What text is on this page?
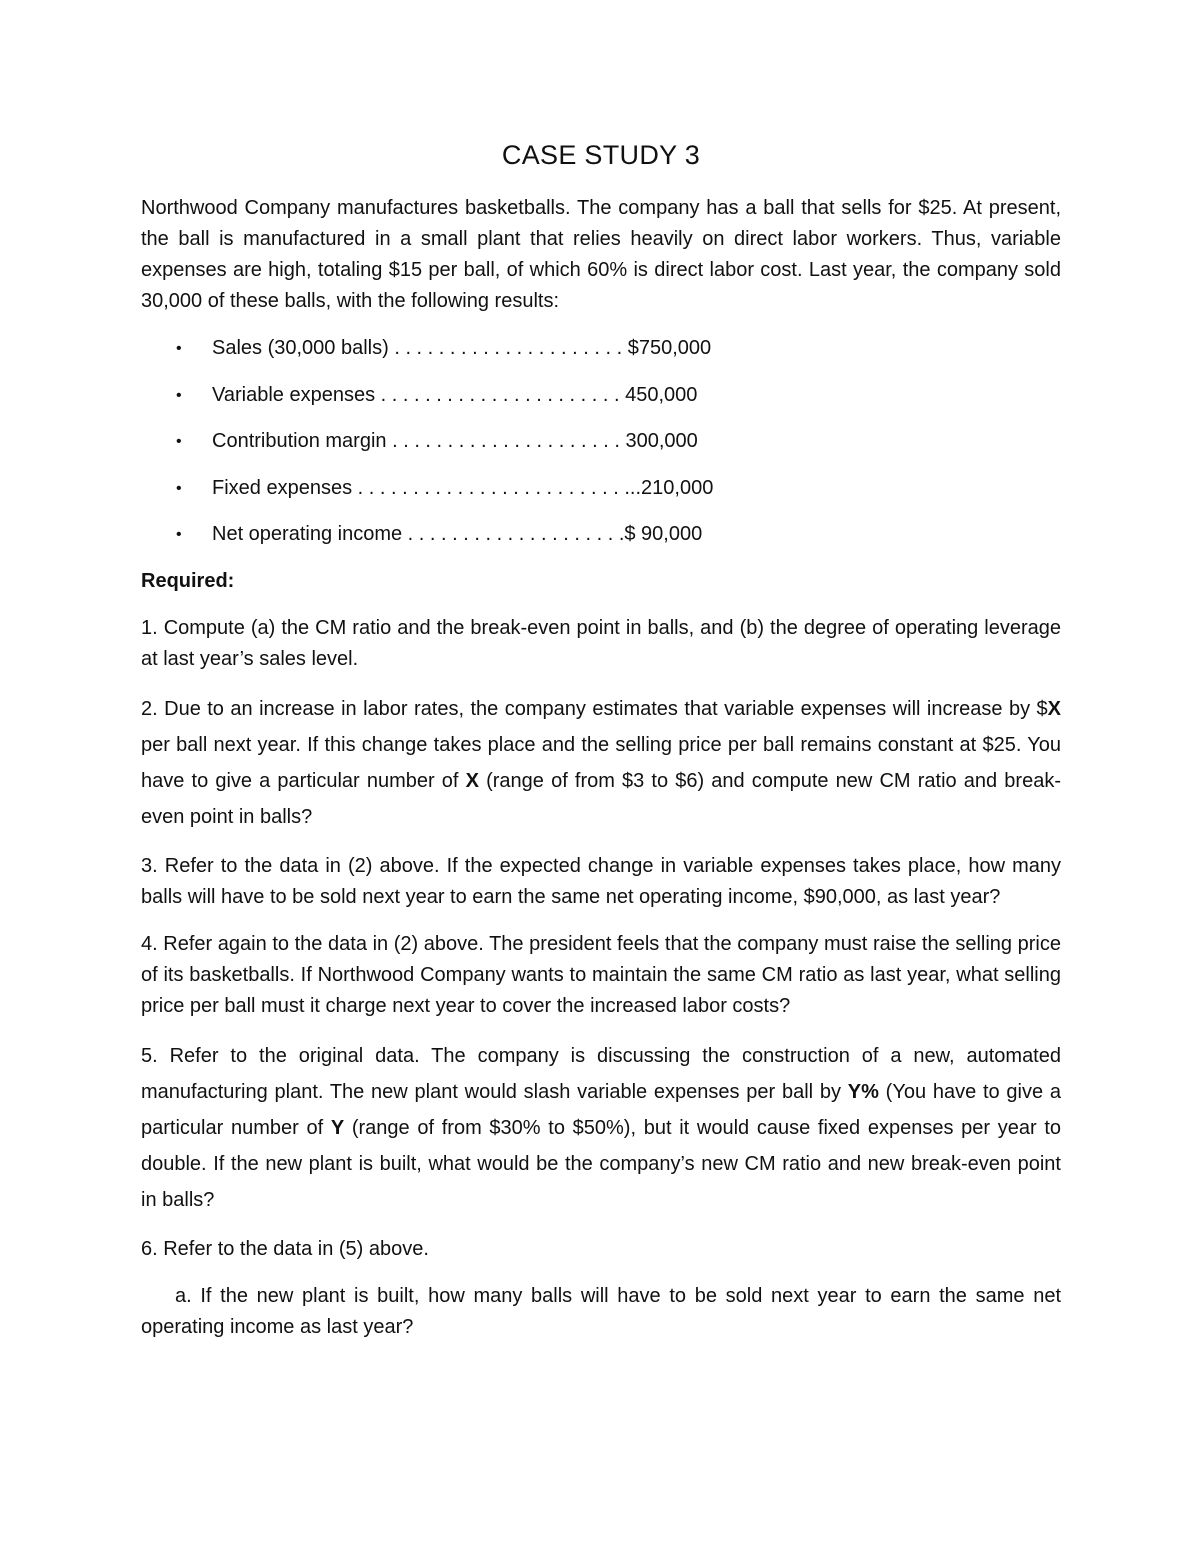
CASE STUDY 3

Northwood Company manufactures basketballs. The company has a ball that sells for $25. At present, the ball is manufactured in a small plant that relies heavily on direct labor workers. Thus, variable expenses are high, totaling $15 per ball, of which 60% is direct labor cost. Last year, the company sold 30,000 of these balls, with the following results:

• Sales (30,000 balls) . . . . . . . . . . . . . . . . . . . . . $750,000
• Variable expenses . . . . . . . . . . . . . . . . . . . . . . 450,000
• Contribution margin . . . . . . . . . . . . . . . . . . . . . 300,000
• Fixed expenses . . . . . . . . . . . . . . . . . . . . . . . . ...210,000
• Net operating income . . . . . . . . . . . . . . . . . . . .$ 90,000

Required:

1. Compute (a) the CM ratio and the break-even point in balls, and (b) the degree of operating leverage at last year’s sales level.

2. Due to an increase in labor rates, the company estimates that variable expenses will increase by $X per ball next year. If this change takes place and the selling price per ball remains constant at $25. You have to give a particular number of X (range of from $3 to $6) and compute new CM ratio and break-even point in balls?

3. Refer to the data in (2) above. If the expected change in variable expenses takes place, how many balls will have to be sold next year to earn the same net operating income, $90,000, as last year?

4. Refer again to the data in (2) above. The president feels that the company must raise the selling price of its basketballs. If Northwood Company wants to maintain the same CM ratio as last year, what selling price per ball must it charge next year to cover the increased labor costs?

5. Refer to the original data. The company is discussing the construction of a new, automated manufacturing plant. The new plant would slash variable expenses per ball by Y% (You have to give a particular number of Y (range of from $30% to $50%), but it would cause fixed expenses per year to double. If the new plant is built, what would be the company’s new CM ratio and new break-even point in balls?

6. Refer to the data in (5) above.

a. If the new plant is built, how many balls will have to be sold next year to earn the same net operating income as last year?
